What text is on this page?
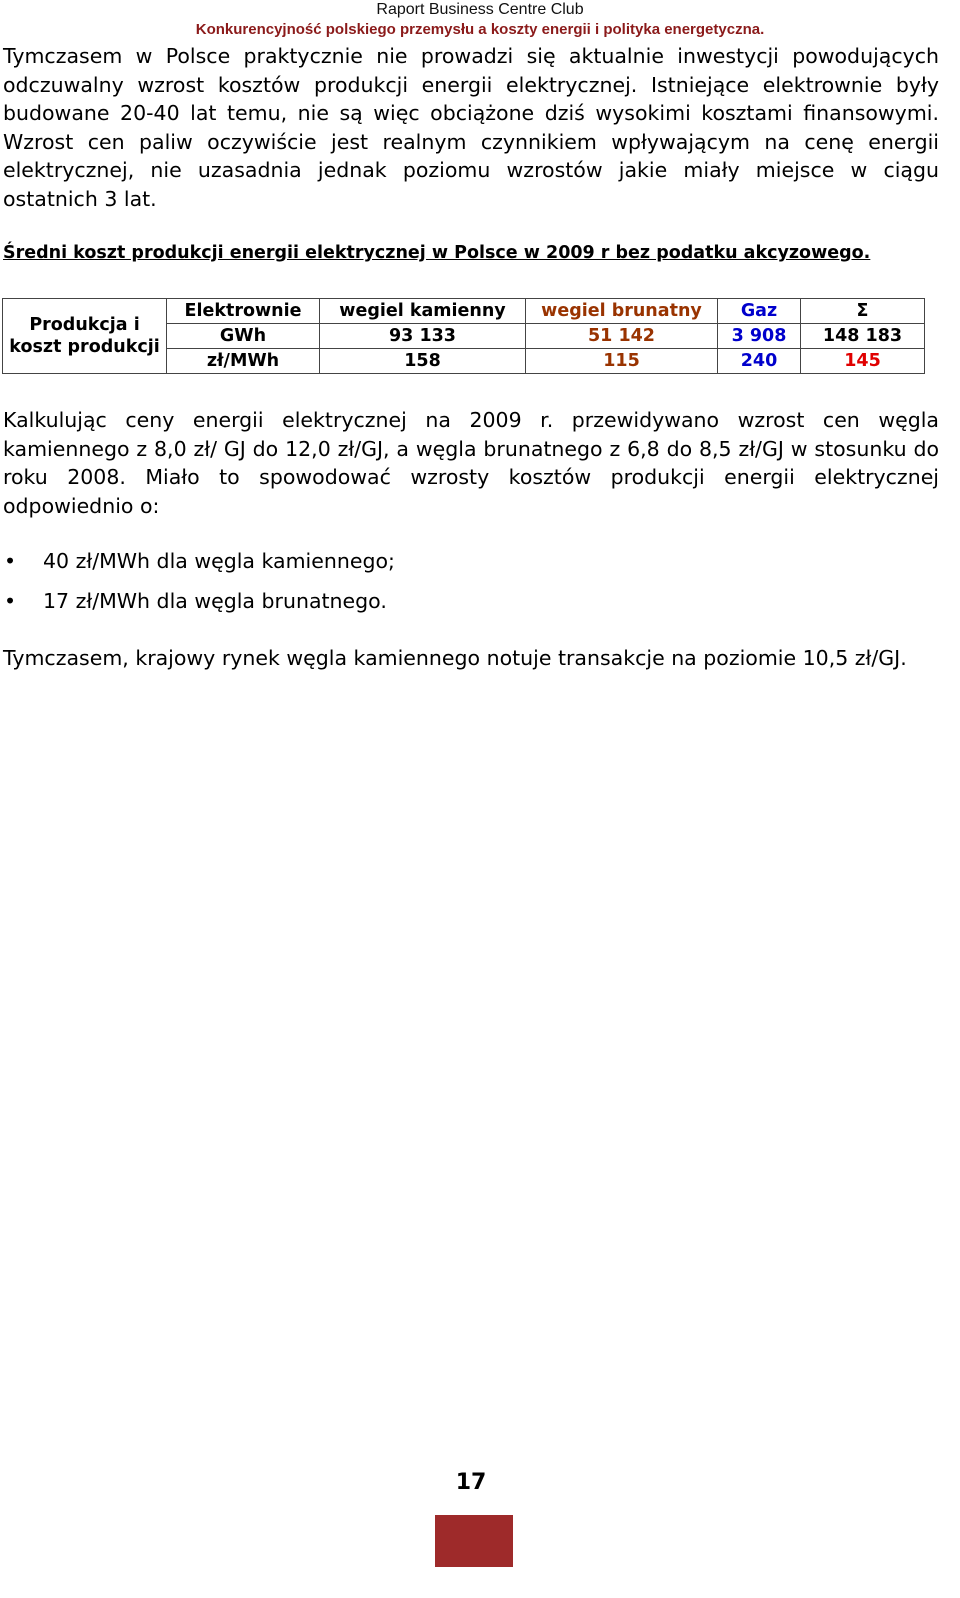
Raport Business Centre Club
Konkurencyjność polskiego przemysłu a koszty energii i polityka energetyczna.

Tymczasem w Polsce praktycznie nie prowadzi się aktualnie inwestycji powodujących odczuwalny wzrost kosztów produkcji energii elektrycznej. Istniejące elektrownie były budowane 20-40 lat temu, nie są więc obciążone dziś wysokimi kosztami finansowymi. Wzrost cen paliw oczywiście jest realnym czynnikiem wpływającym na cenę energii elektrycznej, nie uzasadnia jednak poziomu wzrostów jakie miały miejsce w ciągu ostatnich 3 lat.

Średni koszt produkcji energii elektrycznej w Polsce w 2009 r bez podatku akcyzowego.

Produkcja i koszt produkcji	Elektrownie	wegiel kamienny	wegiel brunatny	Gaz	Σ
	GWh	93 133	51 142	3 908	148 183
	zł/MWh	158	115	240	145

Kalkulując ceny energii elektrycznej na 2009 r. przewidywano wzrost cen węgla kamiennego z 8,0 zł/ GJ do 12,0 zł/GJ, a węgla brunatnego z 6,8 do 8,5 zł/GJ w stosunku do roku 2008. Miało to spowodować wzrosty kosztów produkcji energii elektrycznej odpowiednio o:

• 40 zł/MWh dla węgla kamiennego;
• 17 zł/MWh dla węgla brunatnego.

Tymczasem, krajowy rynek węgla kamiennego notuje transakcje na poziomie 10,5 zł/GJ.

17
